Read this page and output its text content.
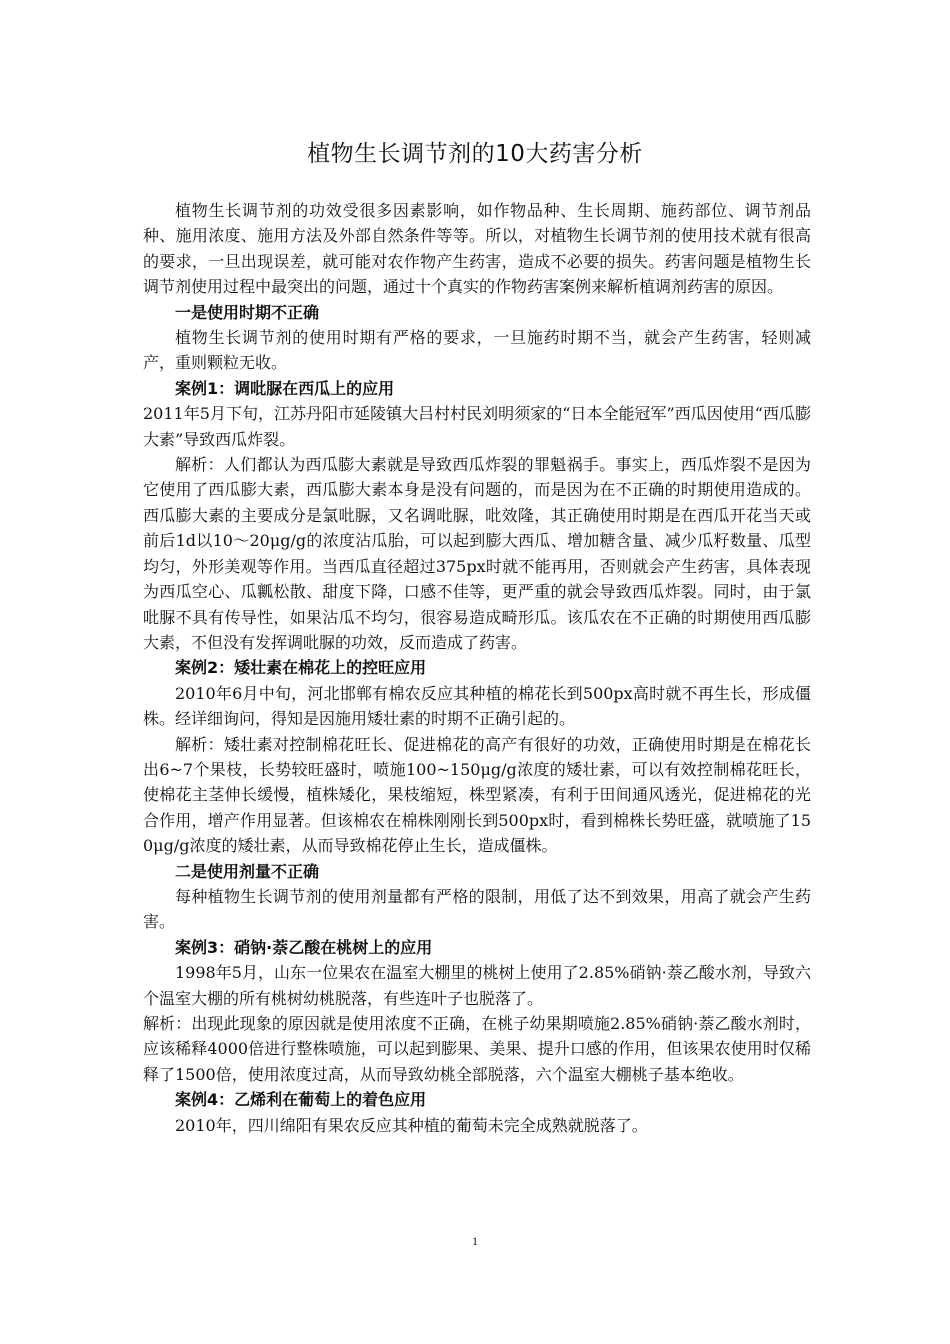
植物生长调节剂的10大药害分析

植物生长调节剂的功效受很多因素影响，如作物品种、生长周期、施药部位、调节剂品种、施用浓度、施用方法及外部自然条件等等。所以，对植物生长调节剂的使用技术就有很高的要求，一旦出现误差，就可能对农作物产生药害，造成不必要的损失。药害问题是植物生长调节剂使用过程中最突出的问题，通过十个真实的作物药害案例来解析植调剂药害的原因。

一是使用时期不正确

植物生长调节剂的使用时期有严格的要求，一旦施药时期不当，就会产生药害，轻则减产，重则颗粒无收。

案例1：调吡脲在西瓜上的应用

2011年5月下旬，江苏丹阳市延陵镇大吕村村民刘明须家的“日本全能冠军”西瓜因使用“西瓜膨大素”导致西瓜炸裂。

解析：人们都认为西瓜膨大素就是导致西瓜炸裂的罪魁祸手。事实上，西瓜炸裂不是因为它使用了西瓜膨大素，西瓜膨大素本身是没有问题的，而是因为在不正确的时期使用造成的。西瓜膨大素的主要成分是氯吡脲，又名调吡脲，吡效隆，其正确使用时期是在西瓜开花当天或前后1d以10～20μg/g的浓度沾瓜胎，可以起到膨大西瓜、增加糖含量、减少瓜籽数量、瓜型均匀，外形美观等作用。当西瓜直径超过375px时就不能再用，否则就会产生药害，具体表现为西瓜空心、瓜瓤松散、甜度下降，口感不佳等，更严重的就会导致西瓜炸裂。同时，由于氯吡脲不具有传导性，如果沾瓜不均匀，很容易造成畸形瓜。该瓜农在不正确的时期使用西瓜膨大素，不但没有发挥调吡脲的功效，反而造成了药害。

案例2：矮壮素在棉花上的控旺应用

2010年6月中旬，河北邯郸有棉农反应其种植的棉花长到500px高时就不再生长，形成僵株。经详细询问，得知是因施用矮壮素的时期不正确引起的。

解析：矮壮素对控制棉花旺长、促进棉花的高产有很好的功效，正确使用时期是在棉花长出6~7个果枝，长势较旺盛时，喷施100~150μg/g浓度的矮壮素，可以有效控制棉花旺长，使棉花主茎伸长缓慢，植株矮化，果枝缩短，株型紧凑，有利于田间通风透光，促进棉花的光合作用，增产作用显著。但该棉农在棉株刚刚长到500px时，看到棉株长势旺盛，就喷施了150μg/g浓度的矮壮素，从而导致棉花停止生长，造成僵株。

二是使用剂量不正确

每种植物生长调节剂的使用剂量都有严格的限制，用低了达不到效果，用高了就会产生药害。

案例3：硝钠·萘乙酸在桃树上的应用

1998年5月，山东一位果农在温室大棚里的桃树上使用了2.85%硝钠·萘乙酸水剂，导致六个温室大棚的所有桃树幼桃脱落，有些连叶子也脱落了。

解析：出现此现象的原因就是使用浓度不正确，在桃子幼果期喷施2.85%硝钠·萘乙酸水剂时，应该稀释4000倍进行整株喷施，可以起到膨果、美果、提升口感的作用，但该果农使用时仅稀释了1500倍，使用浓度过高，从而导致幼桃全部脱落，六个温室大棚桃子基本绝收。

案例4：乙烯利在葡萄上的着色应用

2010年，四川绵阳有果农反应其种植的葡萄未完全成熟就脱落了。

1
